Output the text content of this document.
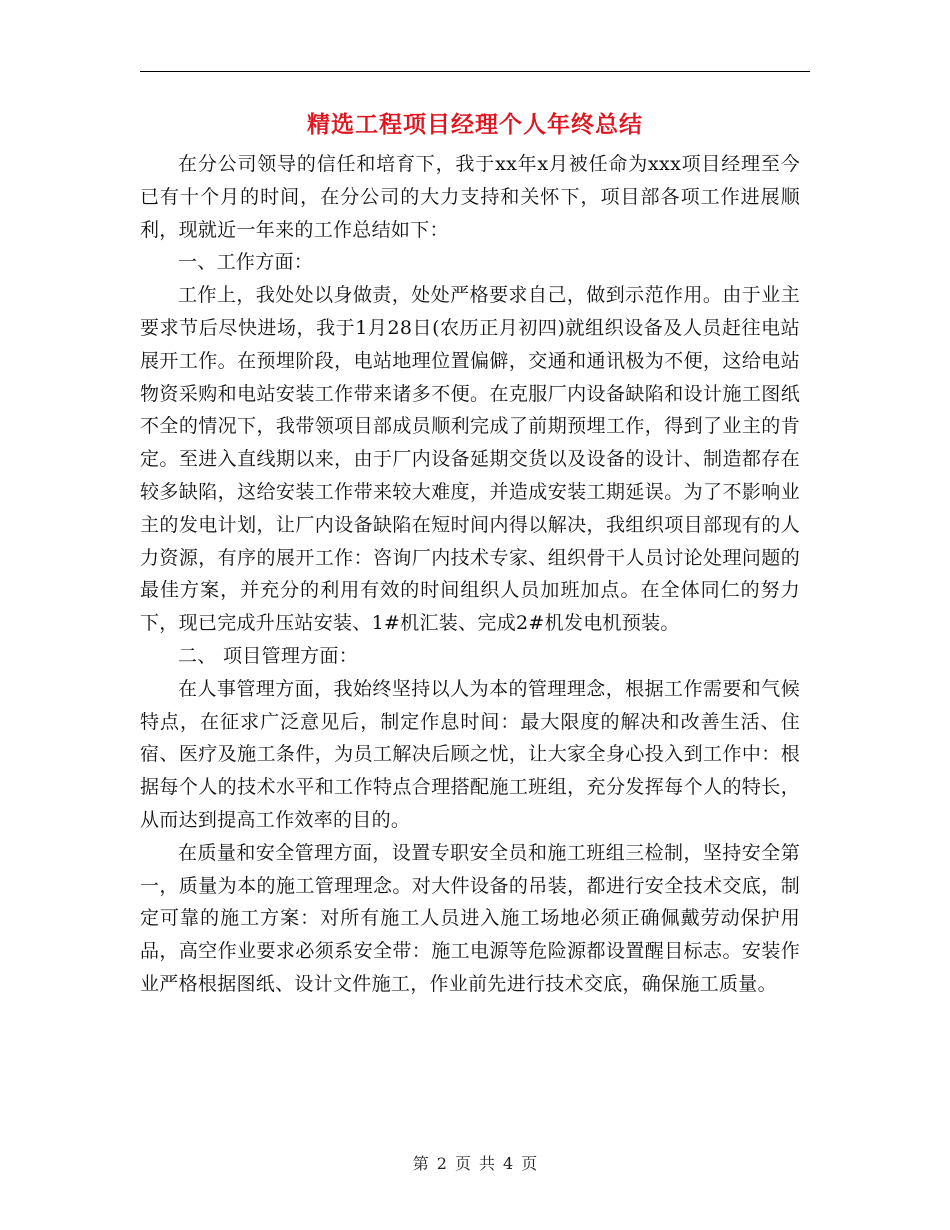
精选工程项目经理个人年终总结

在分公司领导的信任和培育下，我于xx年x月被任命为xxx项目经理至今已有十个月的时间，在分公司的大力支持和关怀下，项目部各项工作进展顺利，现就近一年来的工作总结如下：

一、工作方面：

工作上，我处处以身做责，处处严格要求自己，做到示范作用。由于业主要求节后尽快进场，我于1月28日(农历正月初四)就组织设备及人员赶往电站展开工作。在预埋阶段，电站地理位置偏僻，交通和通讯极为不便，这给电站物资采购和电站安装工作带来诸多不便。在克服厂内设备缺陷和设计施工图纸不全的情况下，我带领项目部成员顺利完成了前期预埋工作，得到了业主的肯定。至进入直线期以来，由于厂内设备延期交货以及设备的设计、制造都存在较多缺陷，这给安装工作带来较大难度，并造成安装工期延误。为了不影响业主的发电计划，让厂内设备缺陷在短时间内得以解决，我组织项目部现有的人力资源，有序的展开工作：咨询厂内技术专家、组织骨干人员讨论处理问题的最佳方案，并充分的利用有效的时间组织人员加班加点。在全体同仁的努力下，现已完成升压站安装、1#机汇装、完成2#机发电机预装。

二、 项目管理方面：

在人事管理方面，我始终坚持以人为本的管理理念，根据工作需要和气候特点，在征求广泛意见后，制定作息时间：最大限度的解决和改善生活、住宿、医疗及施工条件，为员工解决后顾之忧，让大家全身心投入到工作中：根据每个人的技术水平和工作特点合理搭配施工班组，充分发挥每个人的特长，从而达到提高工作效率的目的。

在质量和安全管理方面，设置专职安全员和施工班组三检制，坚持安全第一，质量为本的施工管理理念。对大件设备的吊装，都进行安全技术交底，制定可靠的施工方案：对所有施工人员进入施工场地必须正确佩戴劳动保护用品，高空作业要求必须系安全带：施工电源等危险源都设置醒目标志。安装作业严格根据图纸、设计文件施工，作业前先进行技术交底，确保施工质量。

第 2 页 共 4 页
